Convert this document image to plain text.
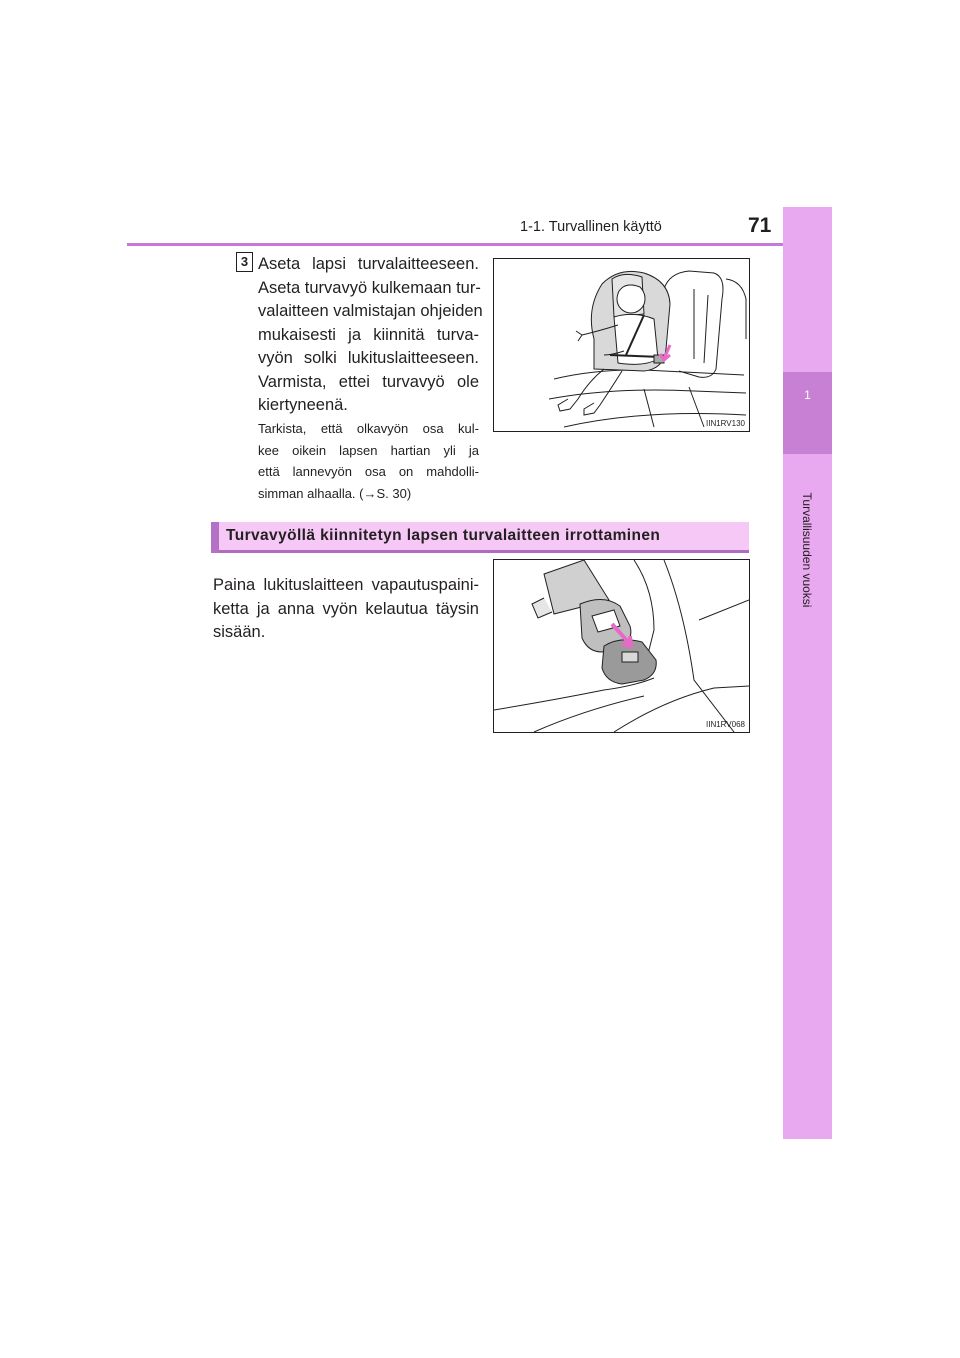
1-1. Turvallinen käyttö	71
1
Turvallisuuden vuoksi
3 Aseta lapsi turvalaitteeseen.
Aseta turvavyö kulkemaan tur-
valaitteen valmistajan ohjeiden
mukaisesti ja kiinnitä turva-
vyön solki lukituslaitteeseen.
Varmista, ettei turvavyö ole
kiertyneenä.
Tarkista, että olkavyön osa kul-
kee oikein lapsen hartian yli ja
että lannevyön osa on mahdolli-
simman alhaalla. (→S. 30)
IIN1RV130
Turvavyöllä kiinnitetyn lapsen turvalaitteen irrottaminen
Paina lukituslaitteen vapautuspaini-
ketta ja anna vyön kelautua täysin
sisään.
IIN1RV068
